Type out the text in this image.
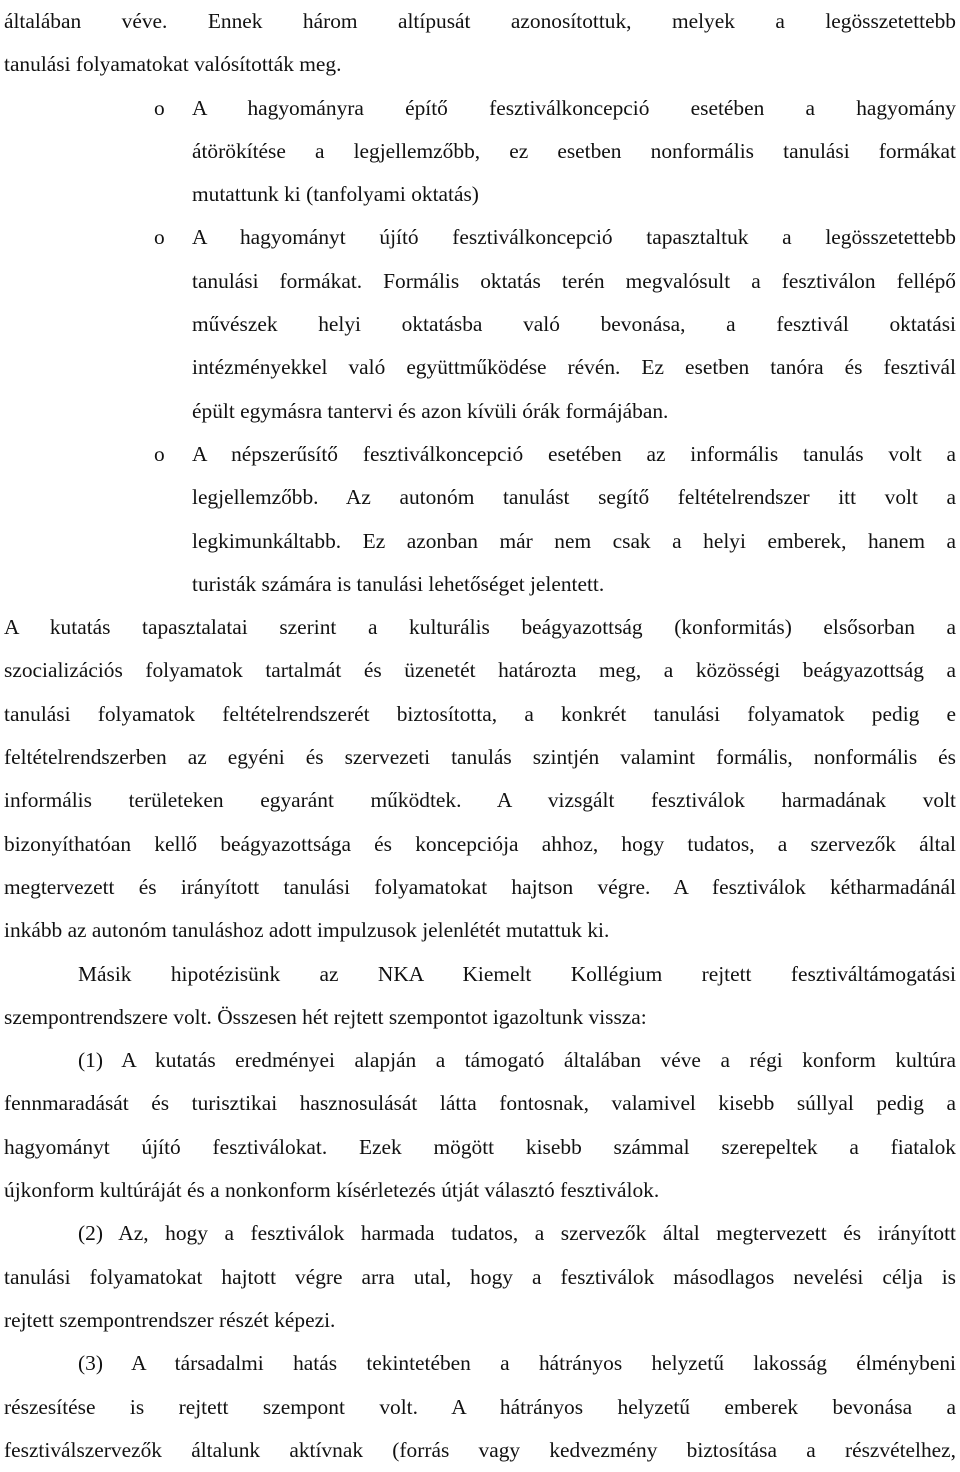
általában véve. Ennek három altípusát azonosítottuk, melyek a legösszetettebb
tanulási folyamatokat valósították meg.
o	A hagyományra építő fesztiválkoncepció esetében a hagyomány
átörökítése a legjellemzőbb, ez esetben nonformális tanulási formákat
mutattunk ki (tanfolyami oktatás)
o	A hagyományt újító fesztiválkoncepció tapasztaltuk a legösszetettebb
tanulási formákat. Formális oktatás terén megvalósult a fesztiválon fellépő
művészek helyi oktatásba való bevonása, a fesztivál oktatási
intézményekkel való együttműködése révén. Ez esetben tanóra és fesztivál
épült egymásra tantervi és azon kívüli órák formájában.
o	A népszerűsítő fesztiválkoncepció esetében az informális tanulás volt a
legjellemzőbb. Az autonóm tanulást segítő feltételrendszer itt volt a
legkimunkáltabb. Ez azonban már nem csak a helyi emberek, hanem a
turisták számára is tanulási lehetőséget jelentett.
A kutatás tapasztalatai szerint a kulturális beágyazottság (konformitás) elsősorban a
szocializációs folyamatok tartalmát és üzenetét határozta meg, a közösségi beágyazottság a
tanulási folyamatok feltételrendszerét biztosította, a konkrét tanulási folyamatok pedig e
feltételrendszerben az egyéni és szervezeti tanulás szintjén valamint formális, nonformális és
informális területeken egyaránt működtek. A vizsgált fesztiválok harmadának volt
bizonyíthatóan kellő beágyazottsága és koncepciója ahhoz, hogy tudatos, a szervezők által
megtervezett és irányított tanulási folyamatokat hajtson végre. A fesztiválok kétharmadánál
inkább az autonóm tanuláshoz adott impulzusok jelenlétét mutattuk ki.
Másik hipotézisünk az NKA Kiemelt Kollégium rejtett fesztiváltámogatási
szempontrendszere volt. Összesen hét rejtett szempontot igazoltunk vissza:
(1) A kutatás eredményei alapján a támogató általában véve a régi konform kultúra
fennmaradását és turisztikai hasznosulását látta fontosnak, valamivel kisebb súllyal pedig a
hagyományt újító fesztiválokat. Ezek mögött kisebb számmal szerepeltek a fiatalok
újkonform kultúráját és a nonkonform kísérletezés útját választó fesztiválok.
(2) Az, hogy a fesztiválok harmada tudatos, a szervezők által megtervezett és irányított
tanulási folyamatokat hajtott végre arra utal, hogy a fesztiválok másodlagos nevelési célja is
rejtett szempontrendszer részét képezi.
(3) A társadalmi hatás tekintetében a hátrányos helyzetű lakosság élménybeni
részesítése is rejtett szempont volt. A hátrányos helyzetű emberek bevonása a
fesztiválszervezők általunk aktívnak (forrás vagy kedvezmény biztosítása a részvételhez,
